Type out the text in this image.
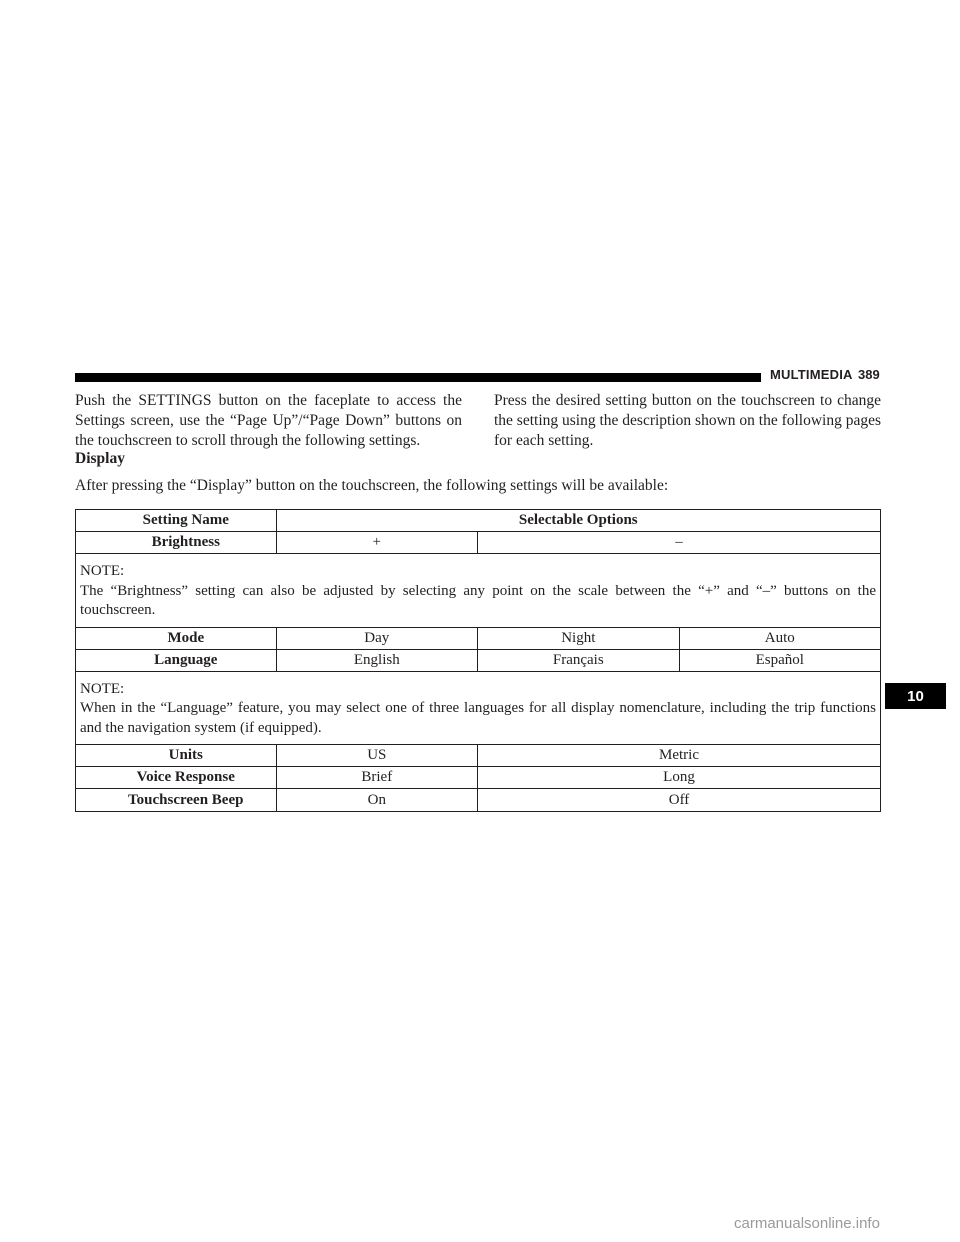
MULTIMEDIA 389
Push the SETTINGS button on the faceplate to access the Settings screen, use the “Page Up”/“Page Down” buttons on the touchscreen to scroll through the following settings.
Press the desired setting button on the touchscreen to change the setting using the description shown on the following pages for each setting.
Display
After pressing the “Display” button on the touchscreen, the following settings will be available:
Setting Name	Selectable Options
Brightness	+	–
NOTE:
The “Brightness” setting can also be adjusted by selecting any point on the scale between the “+” and “–” buttons on the touchscreen.
Mode	Day	Night	Auto
Language	English	Français	Español
NOTE:
When in the “Language” feature, you may select one of three languages for all display nomenclature, including the trip functions and the navigation system (if equipped).
Units	US	Metric
Voice Response	Brief	Long
Touchscreen Beep	On	Off
10
carmanualsonline.info
